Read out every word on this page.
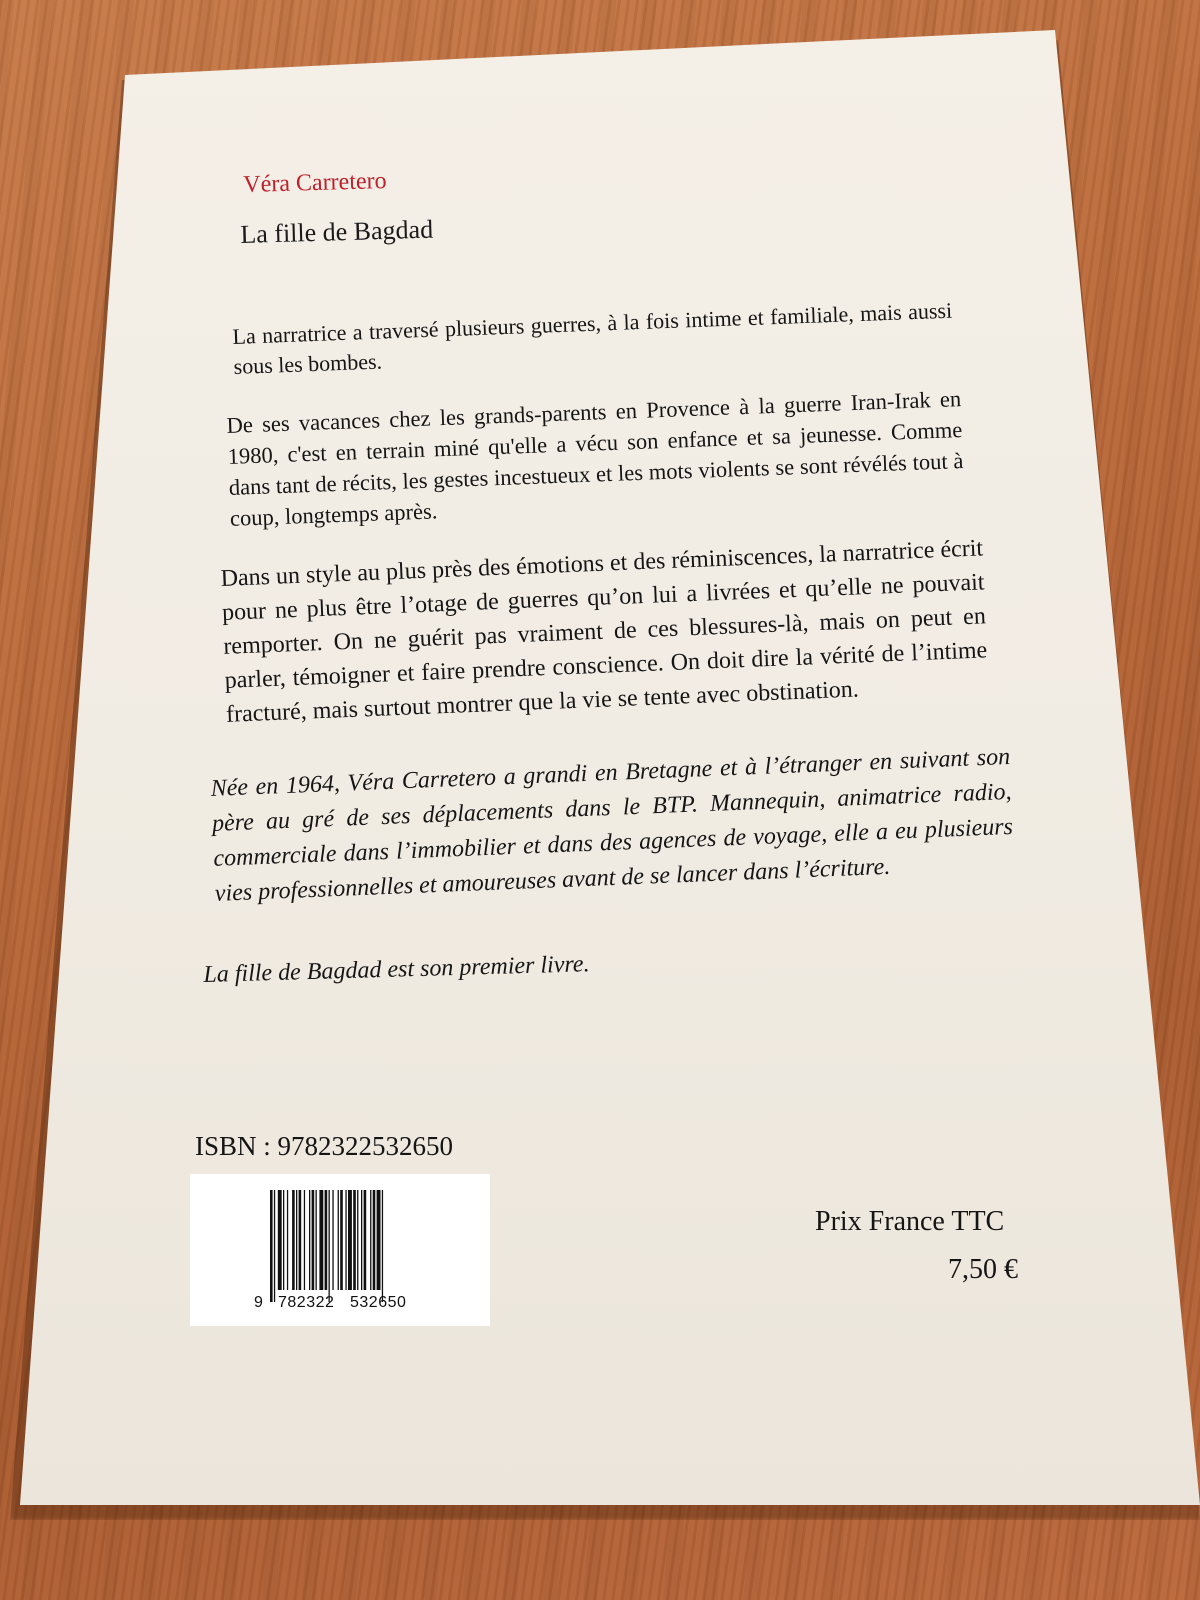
Véra Carretero
La fille de Bagdad
La narratrice a traversé plusieurs guerres, à la fois intime et familiale, mais aussi sous les bombes.
De ses vacances chez les grands-parents en Provence à la guerre Iran-Irak en 1980, c'est en terrain miné qu'elle a vécu son enfance et sa jeunesse. Comme dans tant de récits, les gestes incestueux et les mots violents se sont révélés tout à coup, longtemps après.
Dans un style au plus près des émotions et des réminiscences, la narratrice écrit pour ne plus être l’otage de guerres qu’on lui a livrées et qu’elle ne pouvait remporter. On ne guérit pas vraiment de ces blessures-là, mais on peut en parler, témoigner et faire prendre conscience. On doit dire la vérité de l’intime fracturé, mais surtout montrer que la vie se tente avec obstination.
Née en 1964, Véra Carretero a grandi en Bretagne et à l’étranger en suivant son père au gré de ses déplacements dans le BTP. Mannequin, animatrice radio, commerciale dans l’immobilier et dans des agences de voyage, elle a eu plusieurs vies professionnelles et amoureuses avant de se lancer dans l’écriture.
La fille de Bagdad est son premier livre.
ISBN : 9782322532650
9 782322 532650
Prix France TTC
7,50 €
